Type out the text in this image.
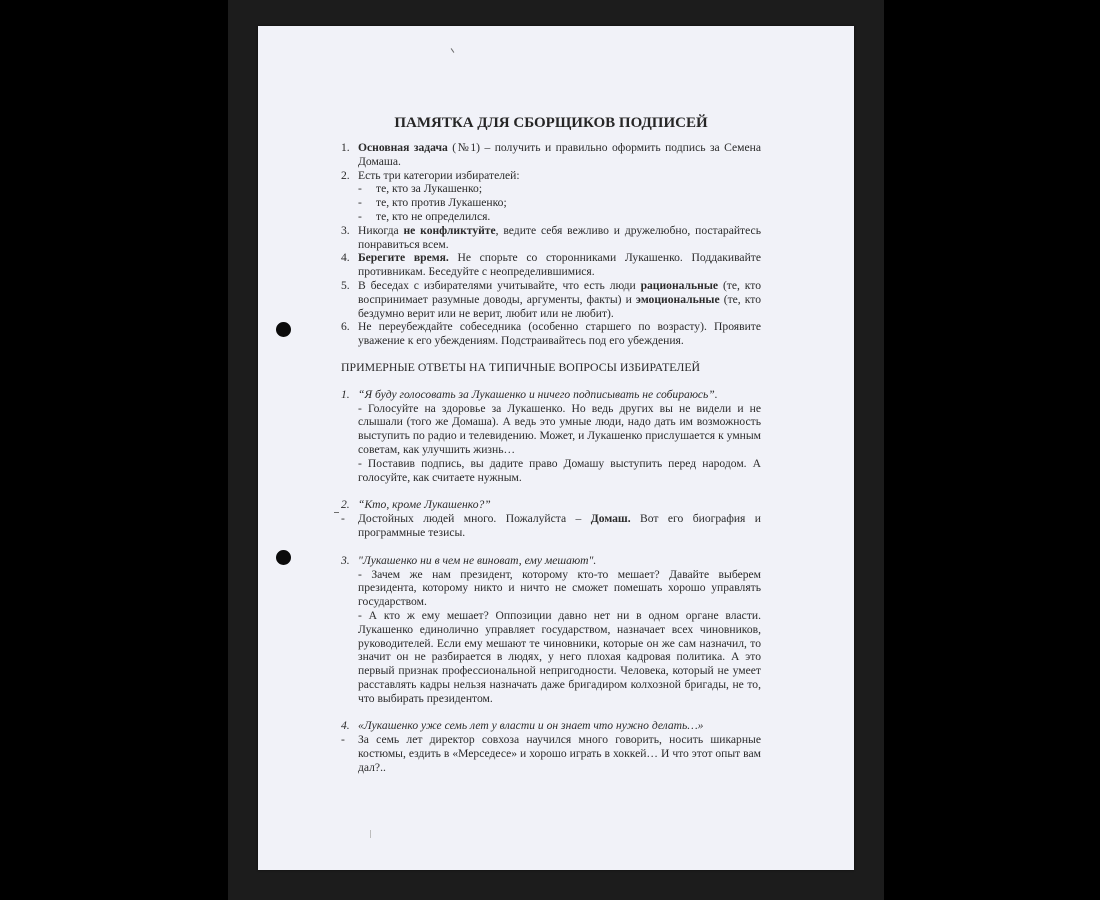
ПАМЯТКА ДЛЯ СБОРЩИКОВ ПОДПИСЕЙ
1. Основная задача (№1) – получить и правильно оформить подпись за Семена Домаша.
2. Есть три категории избирателей:
-	те, кто за Лукашенко;
-	те, кто против Лукашенко;
-	те, кто не определился.
3. Никогда не конфликтуйте, ведите себя вежливо и дружелюбно, постарайтесь понравиться всем.
4. Берегите время. Не спорьте со сторонниками Лукашенко. Поддакивайте противникам. Беседуйте с неопределившимися.
5. В беседах с избирателями учитывайте, что есть люди рациональные (те, кто воспринимает разумные доводы, аргументы, факты) и эмоциональные (те, кто бездумно верит или не верит, любит или не любит).
6. Не переубеждайте собеседника (особенно старшего по возрасту). Проявите уважение к его убеждениям. Подстраивайтесь под его убеждения.
ПРИМЕРНЫЕ ОТВЕТЫ НА ТИПИЧНЫЕ ВОПРОСЫ ИЗБИРАТЕЛЕЙ
1. “Я буду голосовать за Лукашенко и ничего подписывать не собираюсь”.
- Голосуйте на здоровье за Лукашенко. Но ведь других вы не видели и не слышали (того же Домаша). А ведь это умные люди, надо дать им возможность выступить по радио и телевидению. Может, и Лукашенко прислушается к умным советам, как улучшить жизнь…
- Поставив подпись, вы дадите право Домашу выступить перед народом. А голосуйте, как считаете нужным.
2. “Кто, кроме Лукашенко?”
-	Достойных людей много. Пожалуйста – Домаш. Вот его биография и программные тезисы.
3. "Лукашенко ни в чем не виноват, ему мешают".
- Зачем же нам президент, которому кто-то мешает? Давайте выберем президента, которому никто и ничто не сможет помешать хорошо управлять государством.
- А кто ж ему мешает? Оппозиции давно нет ни в одном органе власти. Лукашенко единолично управляет государством, назначает всех чиновников, руководителей. Если ему мешают те чиновники, которые он же сам назначил, то значит он не разбирается в людях, у него плохая кадровая политика. А это первый признак профессиональной непригодности. Человека, который не умеет расставлять кадры нельзя назначать даже бригадиром колхозной бригады, не то, что выбирать президентом.
4. «Лукашенко уже семь лет у власти и он знает что нужно делать…»
-	За семь лет директор совхоза научился много говорить, носить шикарные костюмы, ездить в «Мерседесе» и хорошо играть в хоккей… И что этот опыт вам дал?..
